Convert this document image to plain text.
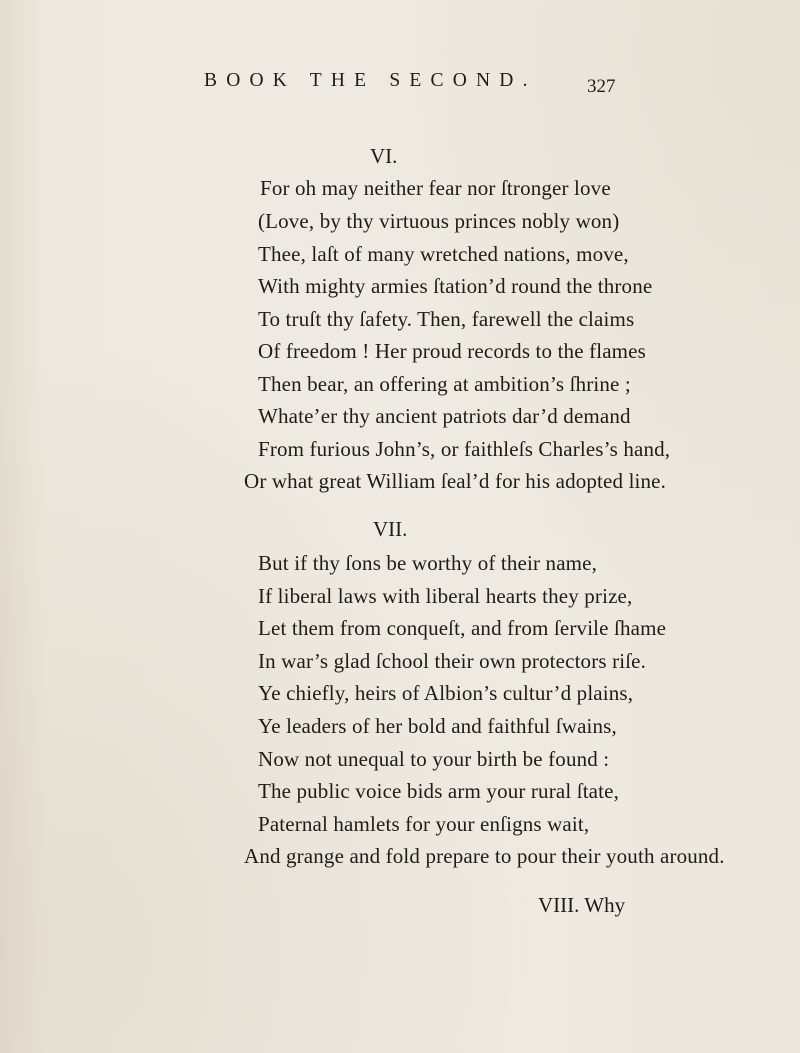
BOOK THE SECOND.	327
VI.
For oh may neither fear nor ſtronger love
(Love, by thy virtuous princes nobly won)
Thee, laſt of many wretched nations, move,
With mighty armies ſtation’d round the throne
To truſt thy ſafety. Then, farewell the claims
Of freedom ! Her proud records to the flames
Then bear, an offering at ambition’s ſhrine ;
Whate’er thy ancient patriots dar’d demand
From furious John’s, or faithleſs Charles’s hand,
Or what great William ſeal’d for his adopted line.
VII.
But if thy ſons be worthy of their name,
If liberal laws with liberal hearts they prize,
Let them from conqueſt, and from ſervile ſhame
In war’s glad ſchool their own protectors riſe.
Ye chiefly, heirs of Albion’s cultur’d plains,
Ye leaders of her bold and faithful ſwains,
Now not unequal to your birth be found :
The public voice bids arm your rural ſtate,
Paternal hamlets for your enſigns wait,
And grange and fold prepare to pour their youth around.
VIII. Why
